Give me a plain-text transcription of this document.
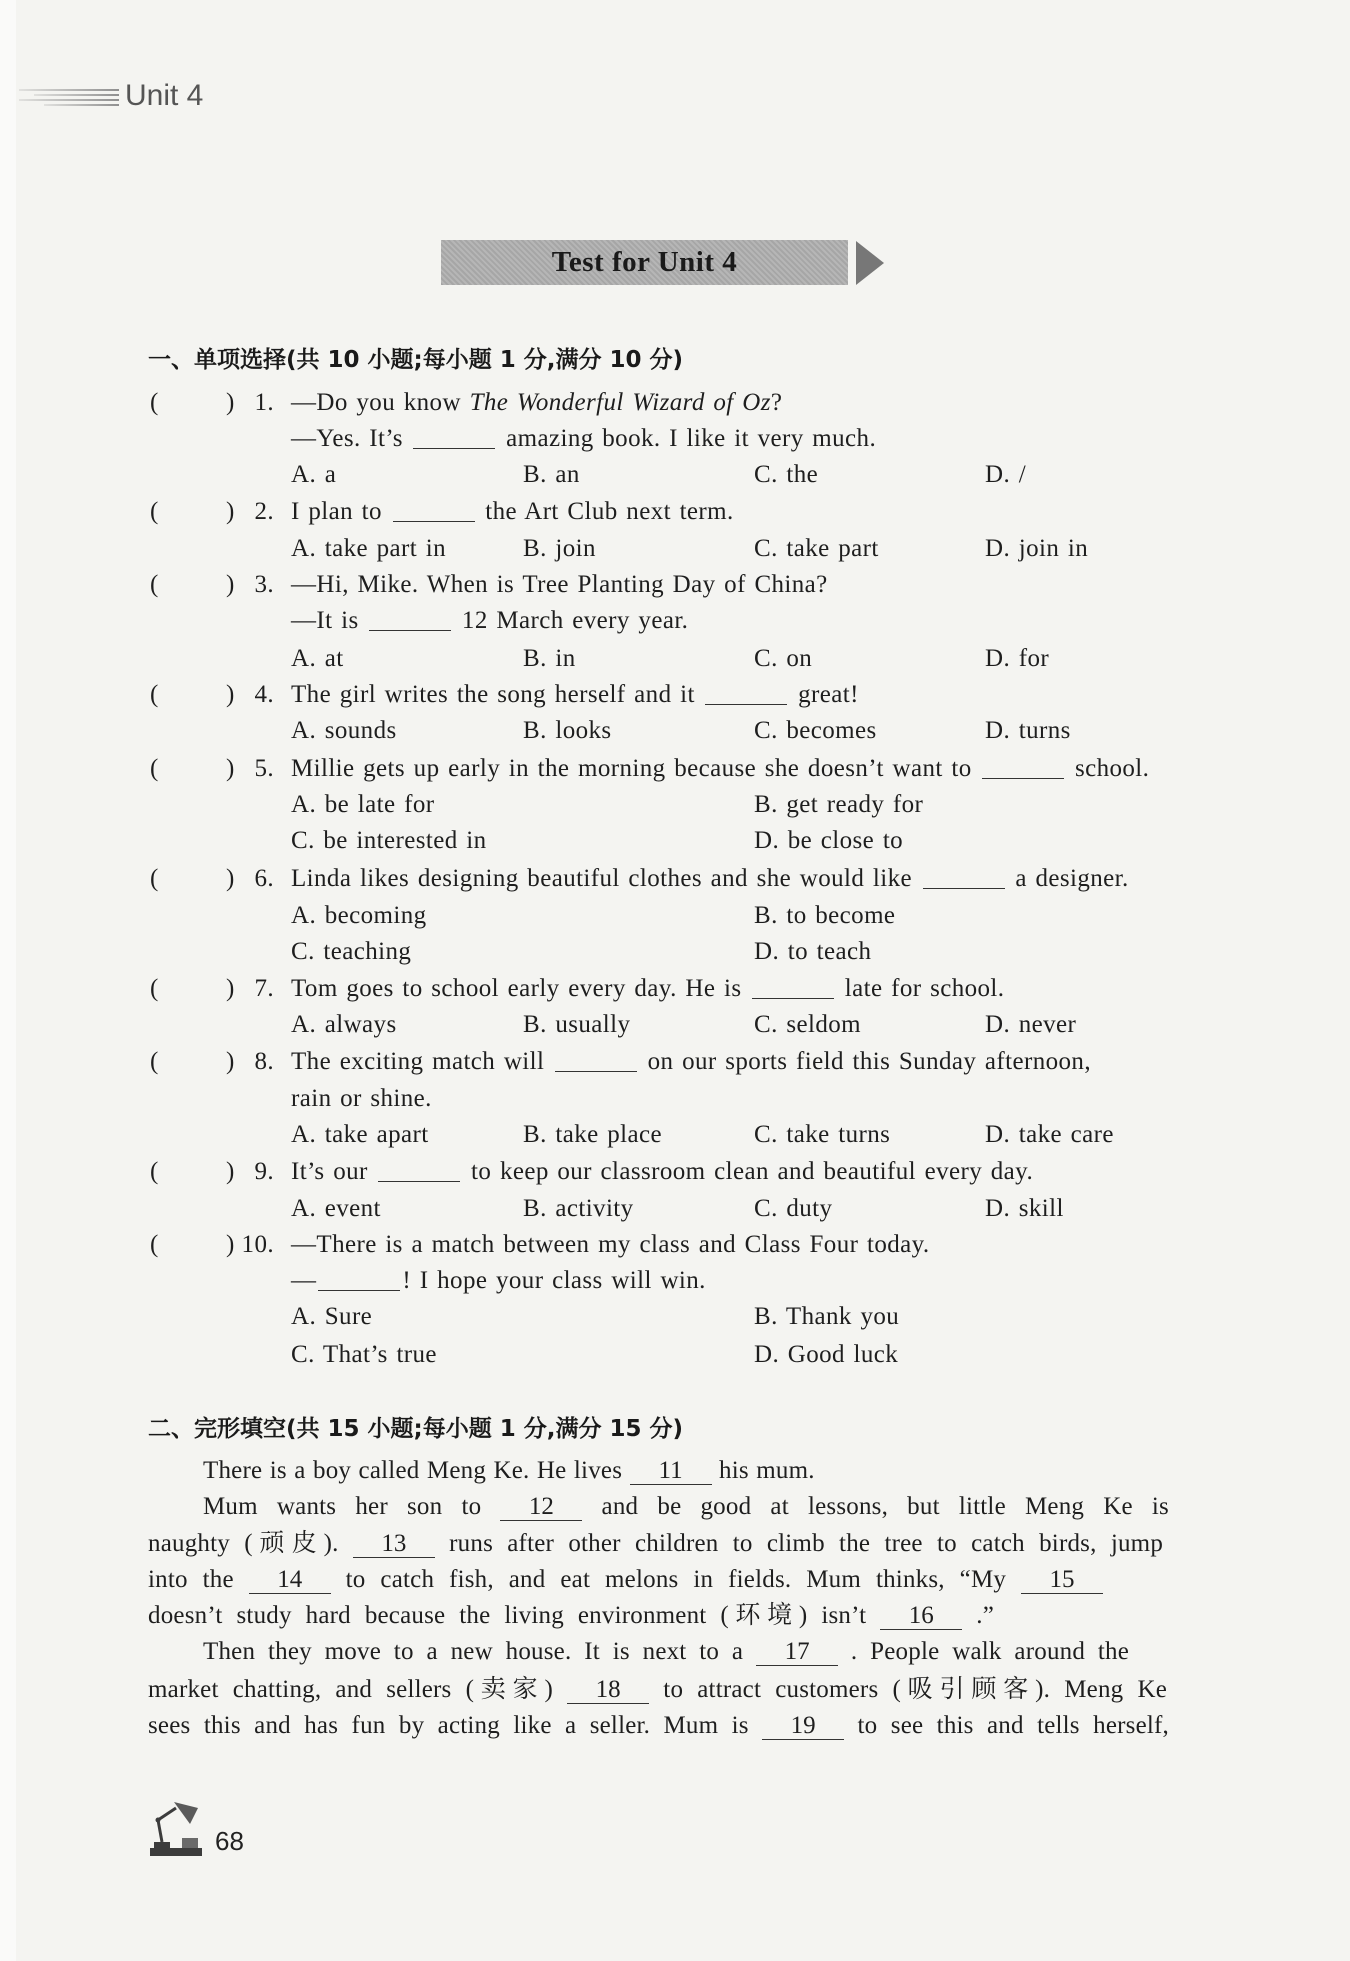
Unit 4
Test for Unit 4
一、单项选择(共 10 小题;每小题 1 分,满分 10 分)
(	) 1. —Do you know The Wonderful Wizard of Oz?
—Yes. It’s	amazing book. I like it very much.
A. a	B. an	C. the	D. /
(	) 2. I plan to	the Art Club next term.
A. take part in	B. join	C. take part	D. join in
(	) 3. —Hi, Mike. When is Tree Planting Day of China?
—It is	12 March every year.
A. at	B. in	C. on	D. for
(	) 4. The girl writes the song herself and it	great!
A. sounds	B. looks	C. becomes	D. turns
(	) 5. Millie gets up early in the morning because she doesn’t want to	school.
A. be late for	B. get ready for
C. be interested in	D. be close to
(	) 6. Linda likes designing beautiful clothes and she would like	a designer.
A. becoming	B. to become
C. teaching	D. to teach
(	) 7. Tom goes to school early every day. He is	late for school.
A. always	B. usually	C. seldom	D. never
(	) 8. The exciting match will	on our sports field this Sunday afternoon,
rain or shine.
A. take apart	B. take place	C. take turns	D. take care
(	) 9. It’s our	to keep our classroom clean and beautiful every day.
A. event	B. activity	C. duty	D. skill
(	) 10. —There is a match between my class and Class Four today.
—	! I hope your class will win.
A. Sure	B. Thank you
C. That’s true	D. Good luck
二、完形填空(共 15 小题;每小题 1 分,满分 15 分)
There is a boy called Meng Ke. He lives 11 his mum.
Mum wants her son to 12 and be good at lessons, but little Meng Ke is
naughty (顽皮). 13 runs after other children to climb the tree to catch birds, jump
into the 14 to catch fish, and eat melons in fields. Mum thinks, “My 15
doesn’t study hard because the living environment (环境) isn’t 16 .”
Then they move to a new house. It is next to a 17 . People walk around the
market chatting, and sellers (卖家) 18 to attract customers (吸引顾客). Meng Ke
sees this and has fun by acting like a seller. Mum is 19 to see this and tells herself,
68
